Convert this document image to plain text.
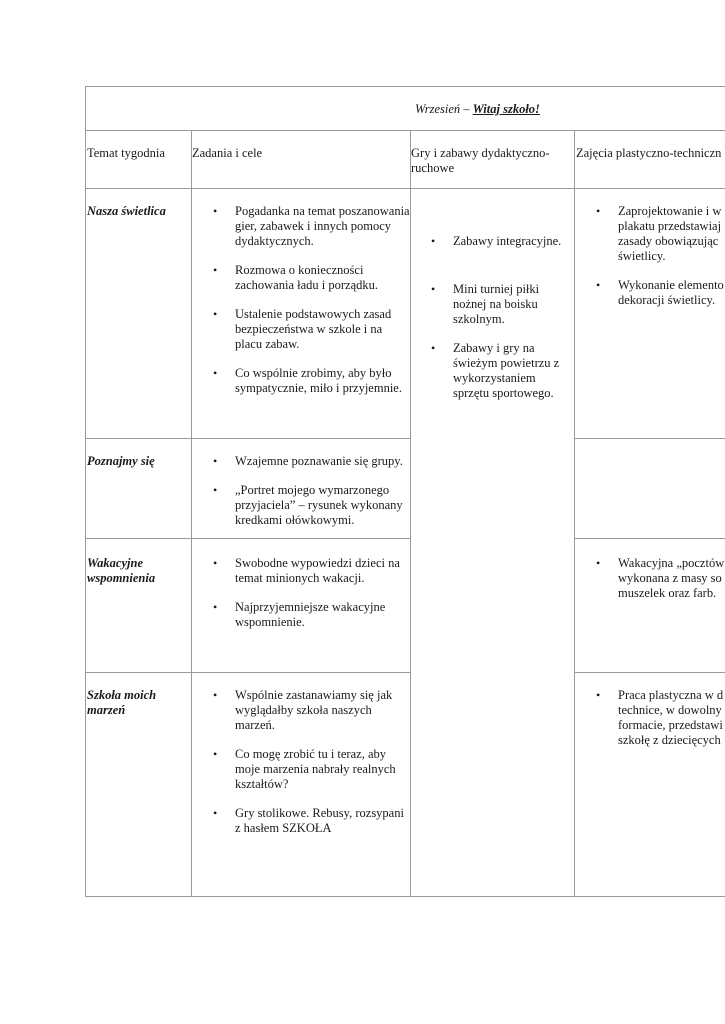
Wrzesień – Witaj szkoło!
Temat tygodnia Zadania i cele	Gry i zabawy dydaktyczno-
ruchowe
Zajęcia plastyczno-techniczn
Nasza świetlica
Poznajmy się
Wakacyjne wspomnienia
Szkoła moich marzeń
• Pogadanka na temat poszanowania gier, zabawek i innych pomocy dydaktycznych.
• Rozmowa o konieczności zachowania ładu i porządku.
• Ustalenie podstawowych zasad bezpieczeństwa w szkole i na placu zabaw.
• Co wspólnie zrobimy, aby było sympatycznie, miło i przyjemnie.
• Wzajemne poznawanie się grupy.
• „Portret mojego wymarzonego przyjaciela” – rysunek wykonany kredkami ołówkowymi.
• Swobodne wypowiedzi dzieci na temat minionych wakacji.
• Najprzyjemniejsze wakacyjne wspomnienie.
• Wspólnie zastanawiamy się jak wyglądałby szkoła naszych marzeń.
• Co mogę zrobić tu i teraz, aby moje marzenia nabrały realnych kształtów?
• Gry stolikowe. Rebusy, rozsypani z hasłem SZKOŁA
• Zabawy integracyjne.
• Mini turniej piłki nożnej na boisku szkolnym.
• Zabawy i gry na świeżym powietrzu z wykorzystaniem sprzętu sportowego.
• Zaprojektowanie i w
plakatu przedstawiaj
zasady obowiązując
świetlicy.
• Wykonanie elemento
dekoracji świetlicy.
• Wakacyjna „pocztów
wykonana z masy so
muszelek oraz farb.
• Praca plastyczna w d
technice, w dowolny
formacie, przedstawi
szkołę z dziecięcych
